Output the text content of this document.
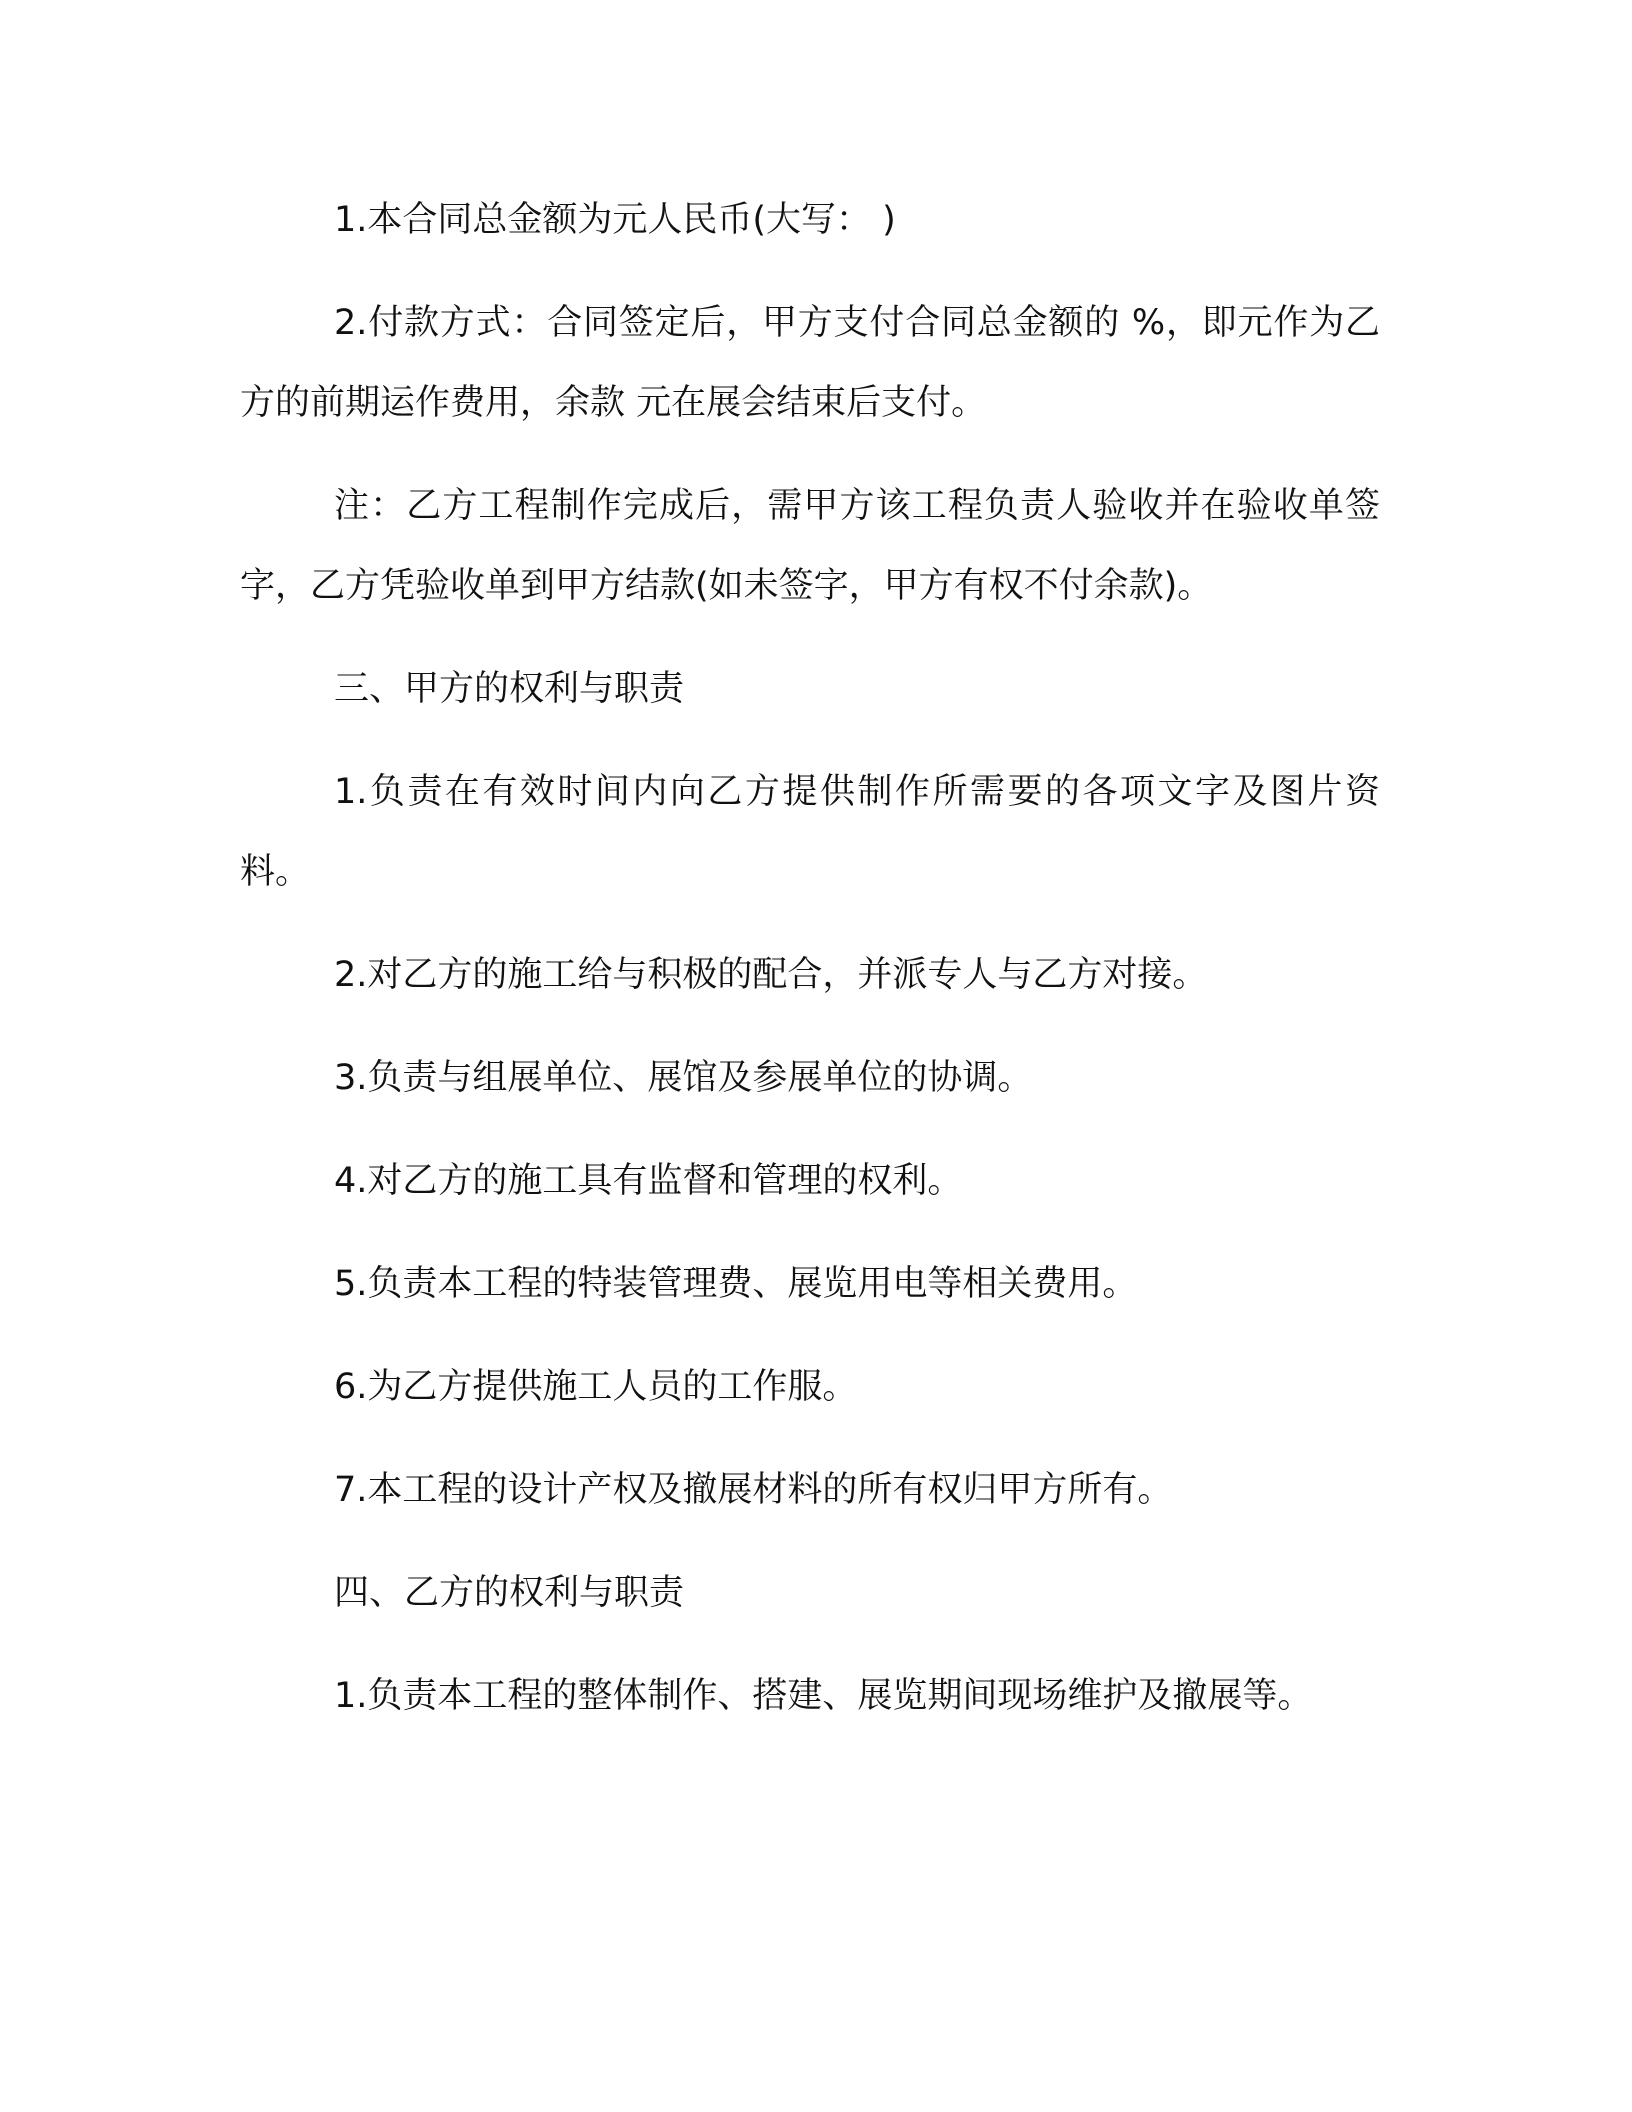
1.本合同总金额为元人民币(大写： )

2.付款方式：合同签定后，甲方支付合同总金额的 %，即元作为乙方的前期运作费用，余款 元在展会结束后支付。

注：乙方工程制作完成后，需甲方该工程负责人验收并在验收单签字，乙方凭验收单到甲方结款(如未签字，甲方有权不付余款)。

三、甲方的权利与职责

1.负责在有效时间内向乙方提供制作所需要的各项文字及图片资料。

2.对乙方的施工给与积极的配合，并派专人与乙方对接。

3.负责与组展单位、展馆及参展单位的协调。

4.对乙方的施工具有监督和管理的权利。

5.负责本工程的特装管理费、展览用电等相关费用。

6.为乙方提供施工人员的工作服。

7.本工程的设计产权及撤展材料的所有权归甲方所有。

四、乙方的权利与职责

1.负责本工程的整体制作、搭建、展览期间现场维护及撤展等。
